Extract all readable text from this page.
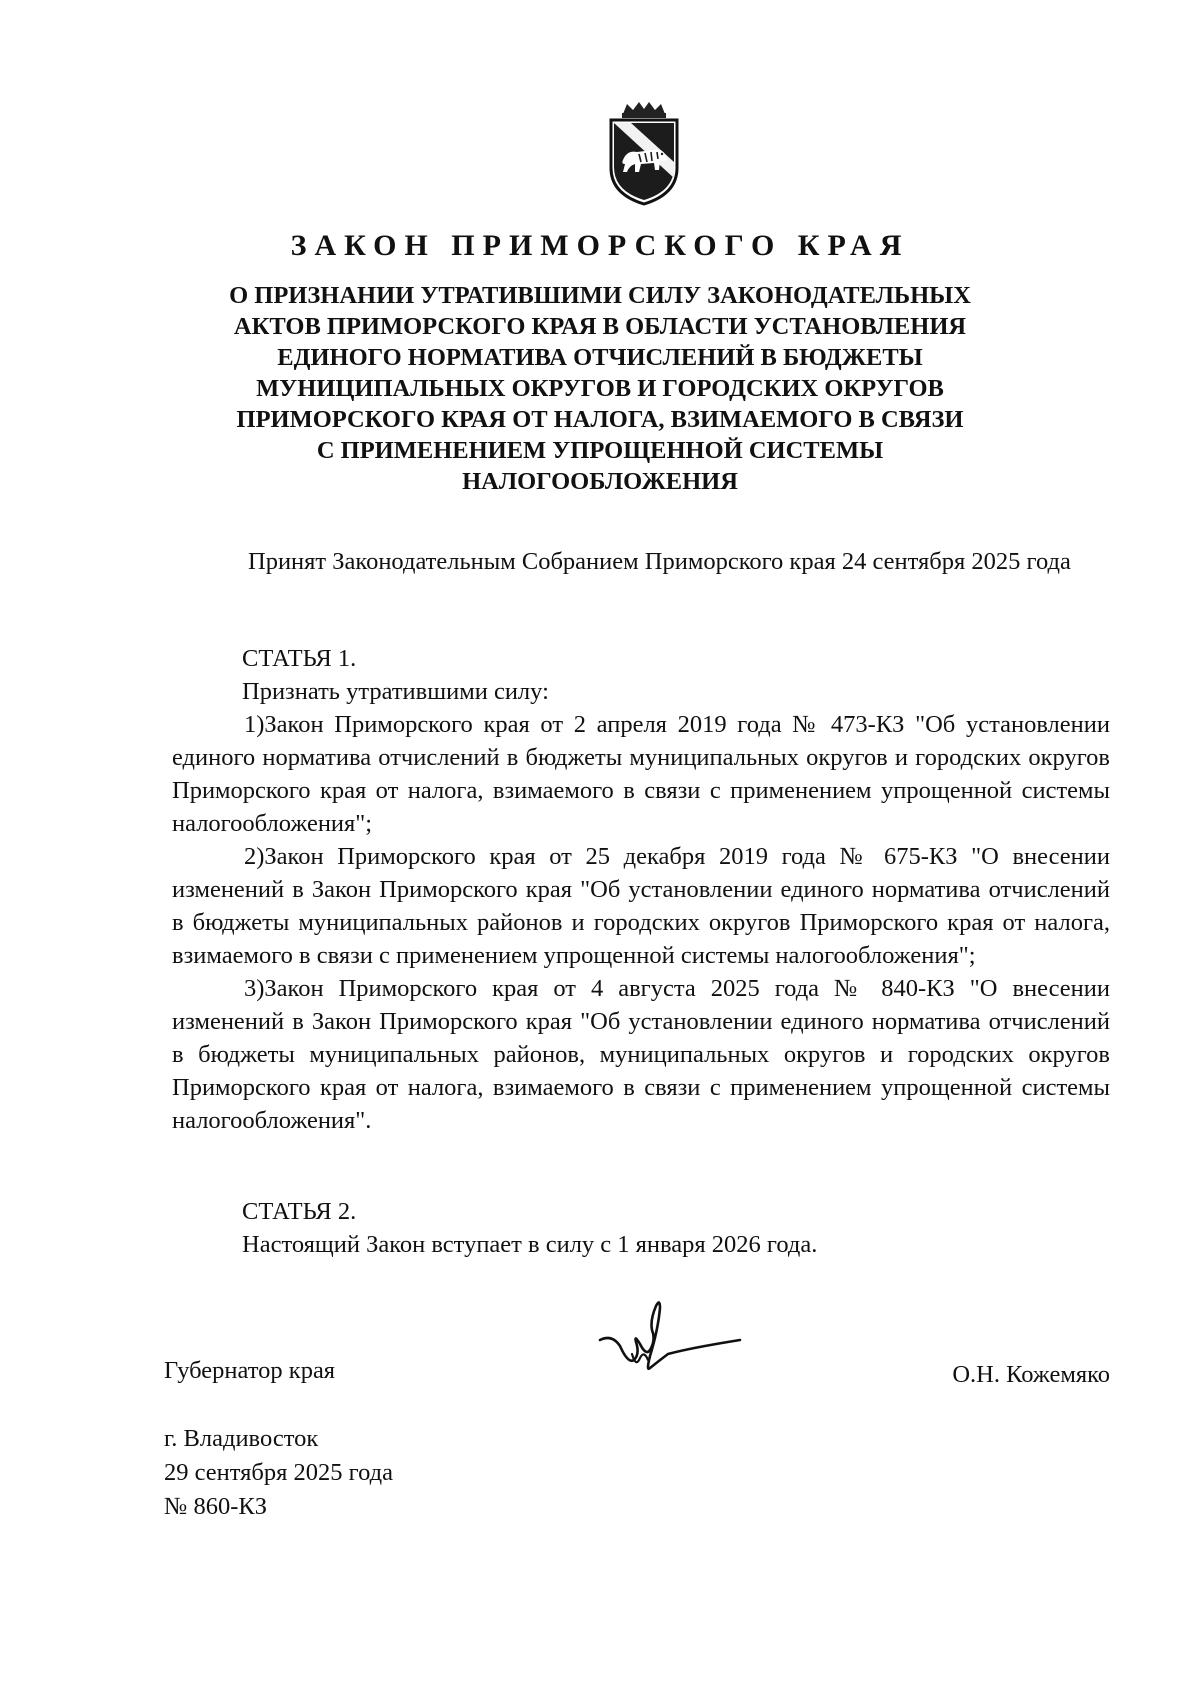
ЗАКОН ПРИМОРСКОГО КРАЯ
О ПРИЗНАНИИ УТРАТИВШИМИ СИЛУ ЗАКОНОДАТЕЛЬНЫХ
АКТОВ ПРИМОРСКОГО КРАЯ В ОБЛАСТИ УСТАНОВЛЕНИЯ
ЕДИНОГО НОРМАТИВА ОТЧИСЛЕНИЙ В БЮДЖЕТЫ
МУНИЦИПАЛЬНЫХ ОКРУГОВ И ГОРОДСКИХ ОКРУГОВ
ПРИМОРСКОГО КРАЯ ОТ НАЛОГА, ВЗИМАЕМОГО В СВЯЗИ
С ПРИМЕНЕНИЕМ УПРОЩЕННОЙ СИСТЕМЫ
НАЛОГООБЛОЖЕНИЯ

Принят Законодательным Собранием Приморского края 24 сентября 2025 года

СТАТЬЯ 1.

Признать утратившими силу:

1)Закон Приморского края от 2 апреля 2019 года № 473-КЗ "Об установлении единого норматива отчислений в бюджеты муниципальных округов и городских округов Приморского края от налога, взимаемого в связи с применением упрощенной системы налогообложения";

2)Закон Приморского края от 25 декабря 2019 года № 675-КЗ "О внесении изменений в Закон Приморского края "Об установлении единого норматива отчислений в бюджеты муниципальных районов и городских округов Приморского края от налога, взимаемого в связи с применением упрощенной системы налогообложения";

3)Закон Приморского края от 4 августа 2025 года № 840-КЗ "О внесении изменений в Закон Приморского края "Об установлении единого норматива отчислений в бюджеты муниципальных районов, муниципальных округов и городских округов Приморского края от налога, взимаемого в связи с применением упрощенной системы налогообложения".

СТАТЬЯ 2.

Настоящий Закон вступает в силу с 1 января 2026 года.

Губернатор края	О.Н. Кожемяко

г. Владивосток
29 сентября 2025 года
№ 860-КЗ
